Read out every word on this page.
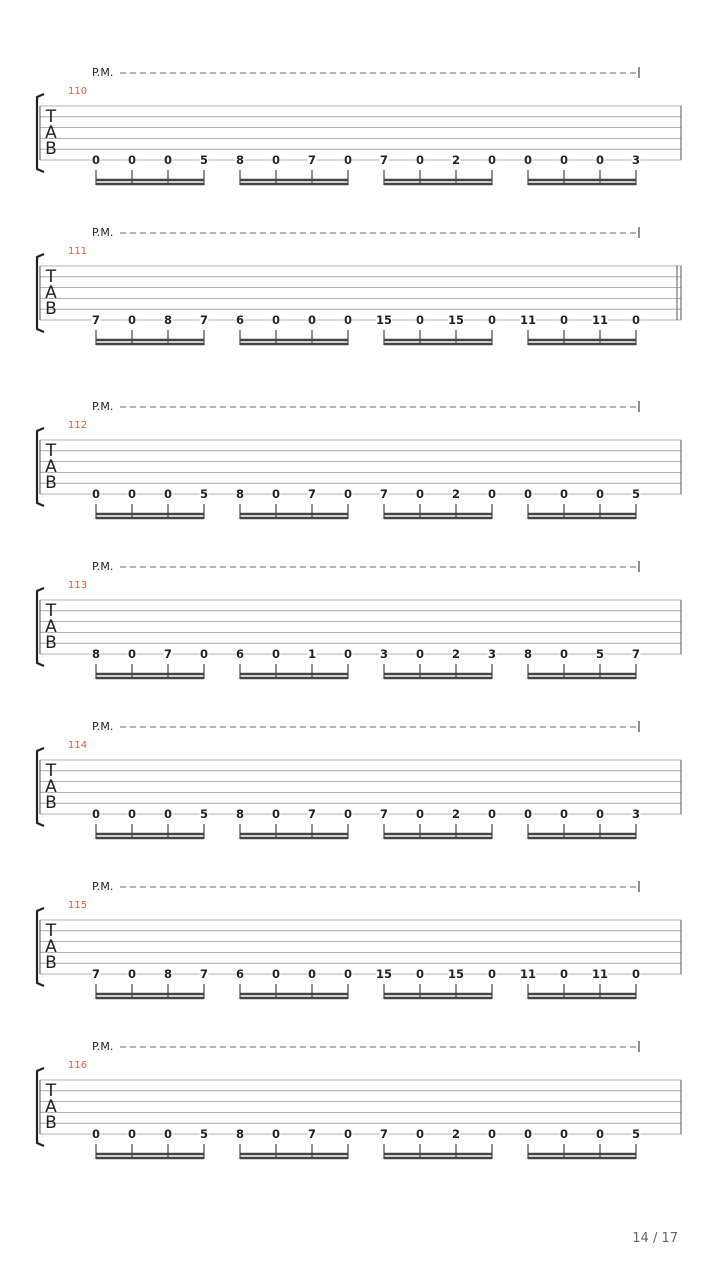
P.M.
110
T
A
B
0 0 0 5 8 0 7 0 7 0 2 0 0 0 0 3
P.M.
111
T
A
B
7 0 8 7 6 0 0 0 15 0 15 0 11 0 11 0
P.M.
112
T
A
B
0 0 0 5 8 0 7 0 7 0 2 0 0 0 0 5
P.M.
113
T
A
B
8 0 7 0 6 0 1 0 3 0 2 3 8 0 5 7
P.M.
114
T
A
B
0 0 0 5 8 0 7 0 7 0 2 0 0 0 0 3
P.M.
115
T
A
B
7 0 8 7 6 0 0 0 15 0 15 0 11 0 11 0
P.M.
116
T
A
B
0 0 0 5 8 0 7 0 7 0 2 0 0 0 0 5
14 / 17
